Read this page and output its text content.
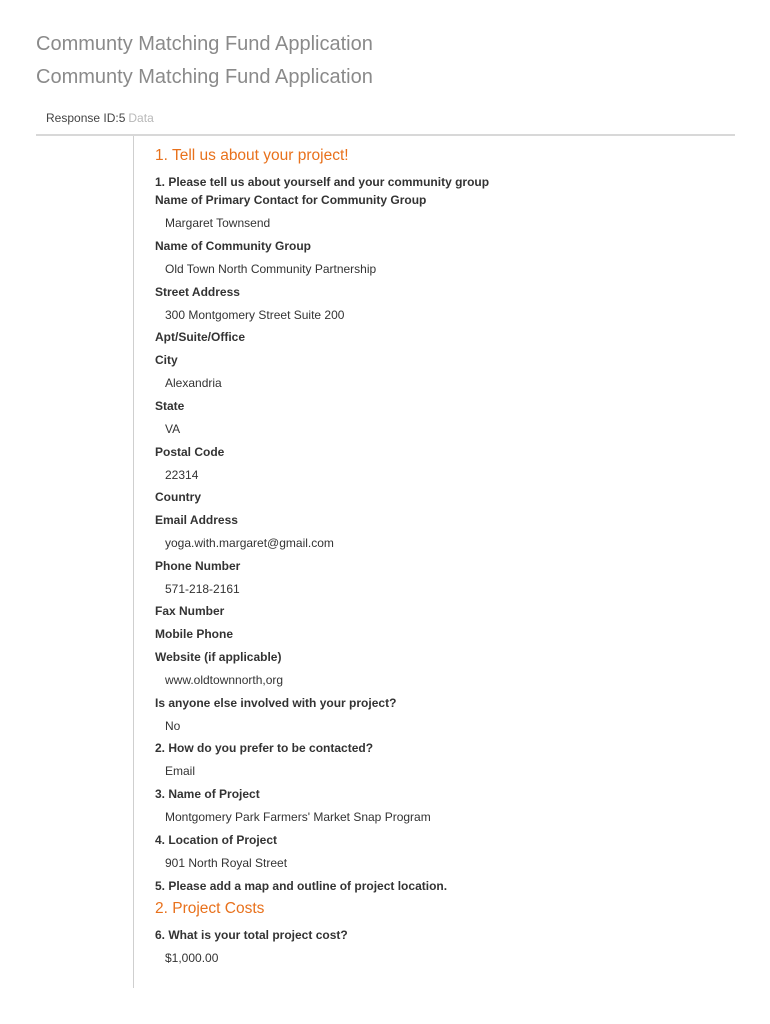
Communty Matching Fund Application
Communty Matching Fund Application
Response ID:5 Data
1. Tell us about your project!
1. Please tell us about yourself and your community group
Name of Primary Contact for Community Group
Margaret Townsend
Name of Community Group
Old Town North Community Partnership
Street Address
300 Montgomery Street Suite 200
Apt/Suite/Office
City
Alexandria
State
VA
Postal Code
22314
Country
Email Address
yoga.with.margaret@gmail.com
Phone Number
571-218-2161
Fax Number
Mobile Phone
Website (if applicable)
www.oldtownnorth,org
Is anyone else involved with your project?
No
2. How do you prefer to be contacted?
Email
3. Name of Project
Montgomery Park Farmers' Market Snap Program
4. Location of Project
901 North Royal Street
5. Please add a map and outline of project location.
2. Project Costs
6. What is your total project cost?
$1,000.00
